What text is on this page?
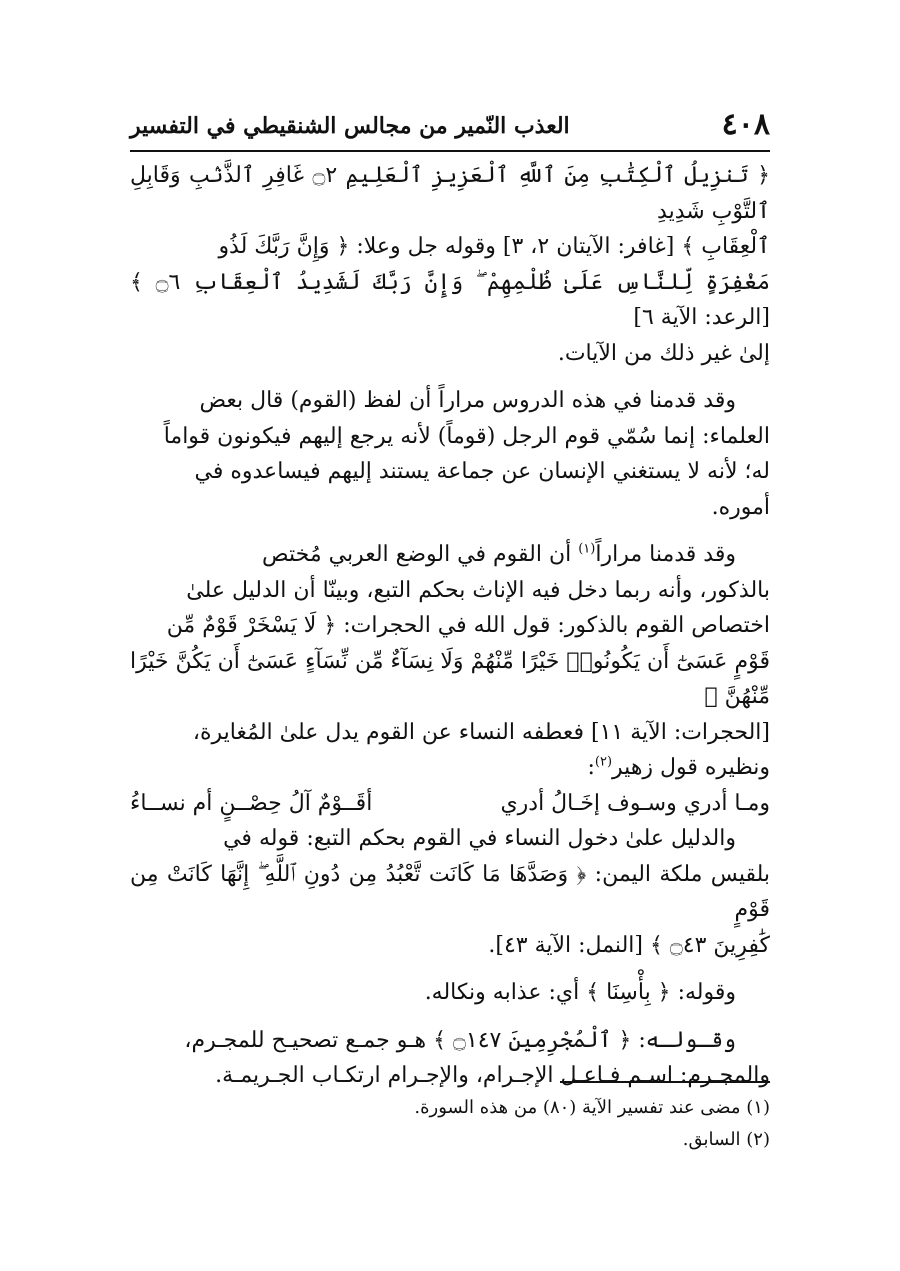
٤٠٨
العذب النّمير من مجالس الشنقيطي في التفسير
﴿ تَنزِيلُ ٱلْكِتَٰبِ مِنَ ٱللَّهِ ٱلْعَزِيزِ ٱلْعَلِيمِ ۝٢ غَافِرِ ٱلذَّنۢبِ وَقَابِلِ ٱلتَّوْبِ شَدِيدِ
ٱلْعِقَابِ ﴾ [غافر: الآيتان ٢، ٣] وقوله جل وعلا: ﴿ وَإِنَّ رَبَّكَ لَذُو
مَغْفِرَةٍ لِّلنَّاسِ عَلَىٰ ظُلْمِهِمْ ۖ وَإِنَّ رَبَّكَ لَشَدِيدُ ٱلْعِقَابِ ۝٦ ﴾ [الرعد: الآية ٦]
إلىٰ غير ذلك من الآيات.
وقد قدمنا في هذه الدروس مراراً أن لفظ (القوم) قال بعض
العلماء: إنما سُمّي قوم الرجل (قوماً) لأنه يرجع إليهم فيكونون قواماً
له؛ لأنه لا يستغني الإنسان عن جماعة يستند إليهم فيساعدوه في
أموره.
وقد قدمنا مراراً$^{(١)}$ أن القوم في الوضع العربي مُختص
بالذكور، وأنه ربما دخل فيه الإناث بحكم التبع، وبينّا أن الدليل علىٰ
اختصاص القوم بالذكور: قول الله في الحجرات: ﴿ لَا يَسْخَرْ قَوْمٌ مِّن
قَوْمٍ عَسَىٰٓ أَن يَكُونُوا۟ خَيْرًا مِّنْهُمْ وَلَا نِسَآءٌ مِّن نِّسَآءٍ عَسَىٰٓ أَن يَكُنَّ خَيْرًا مِّنْهُنَّ ﴾
[الحجرات: الآية ١١] فعطفه النساء عن القوم يدل علىٰ المُغايرة،
ونظيره قول زهير$^{(٢)}$:
ومـا أدري وسـوف إخَـالُ أدري
أقَــوْمٌ آلُ حِصْــنٍ أم نســاءُ
والدليل علىٰ دخول النساء في القوم بحكم التبع: قوله في
بلقيس ملكة اليمن: ﴿ وَصَدَّهَا مَا كَانَت تَّعْبُدُ مِن دُونِ ٱللَّهِ ۖ إِنَّهَا كَانَتْ مِن قَوْمٍ
كَٰفِرِينَ ۝٤٣ ﴾ [النمل: الآية ٤٣].
وقوله: ﴿ بِأْسِنَا ﴾ أي: عذابه ونكاله.
وقـولـه: ﴿ ٱلْمُجْرِمِينَ ۝١٤٧ ﴾ هـو جمـع تصحيـح للمجـرم،
والمجـرم: اسـم فـاعـل الإجـرام، والإجـرام ارتكـاب الجـريمـة.

(١) مضى عند تفسير الآية (٨٠) من هذه السورة.

(٢) السابق.
